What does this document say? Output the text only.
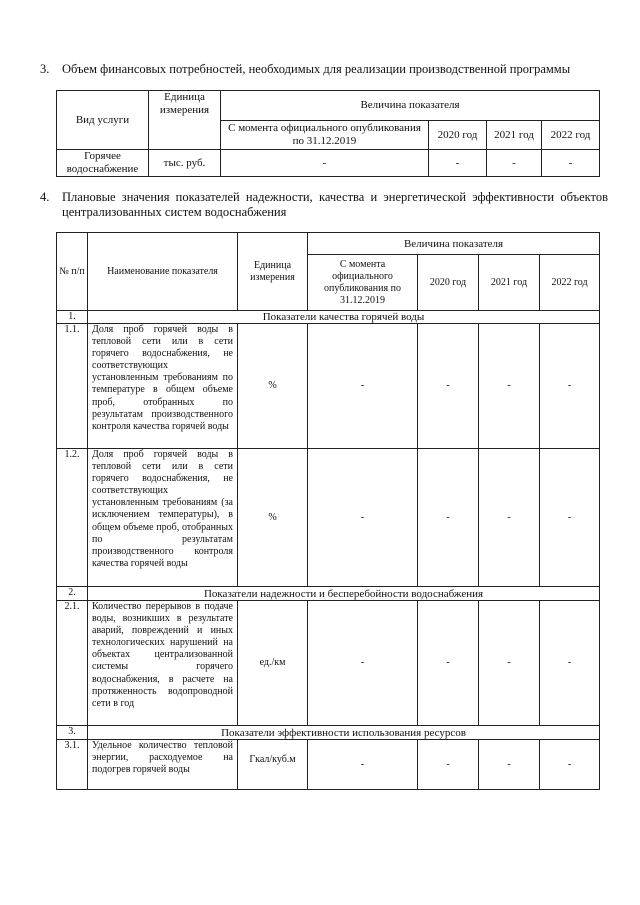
3. Объем финансовых потребностей, необходимых для реализации производственной программы
Вид услуги	Единица измерения	Величина показателя			
		С момента официального опубликования по 31.12.2019	2020 год	2021 год	2022 год
Горячее водоснабжение	тыс. руб.	-	-	-	-
4. Плановые значения показателей надежности, качества и энергетической эффективности объектов централизованных систем водоснабжения
№ п/п	Наименование показателя	Единица измерения	Величина показателя			
			С момента официального опубликования по 31.12.2019	2020 год	2021 год	2022 год
1.	Показатели качества горячей воды					
1.1.	Доля проб горячей воды в тепловой сети или в сети горячего водоснабжения, не соответствующих установленным требованиям по температуре в общем объеме проб, отобранных по результатам производственного контроля качества горячей воды	%	-	-	-	-
1.2.	Доля проб горячей воды в тепловой сети или в сети горячего водоснабжения, не соответствующих установленным требованиям (за исключением температуры), в общем объеме проб, отобранных по результатам производственного контроля качества горячей воды	%	-	-	-	-
2.	Показатели надежности и бесперебойности водоснабжения					
2.1.	Количество перерывов в подаче воды, возникших в результате аварий, повреждений и иных технологических нарушений на объектах централизованной системы горячего водоснабжения, в расчете на протяженность водопроводной сети в год	ед./км	-	-	-	-
3.	Показатели эффективности использования ресурсов					
3.1.	Удельное количество тепловой энергии, расходуемое на подогрев горячей воды	Гкал/куб.м	-	-	-	-
